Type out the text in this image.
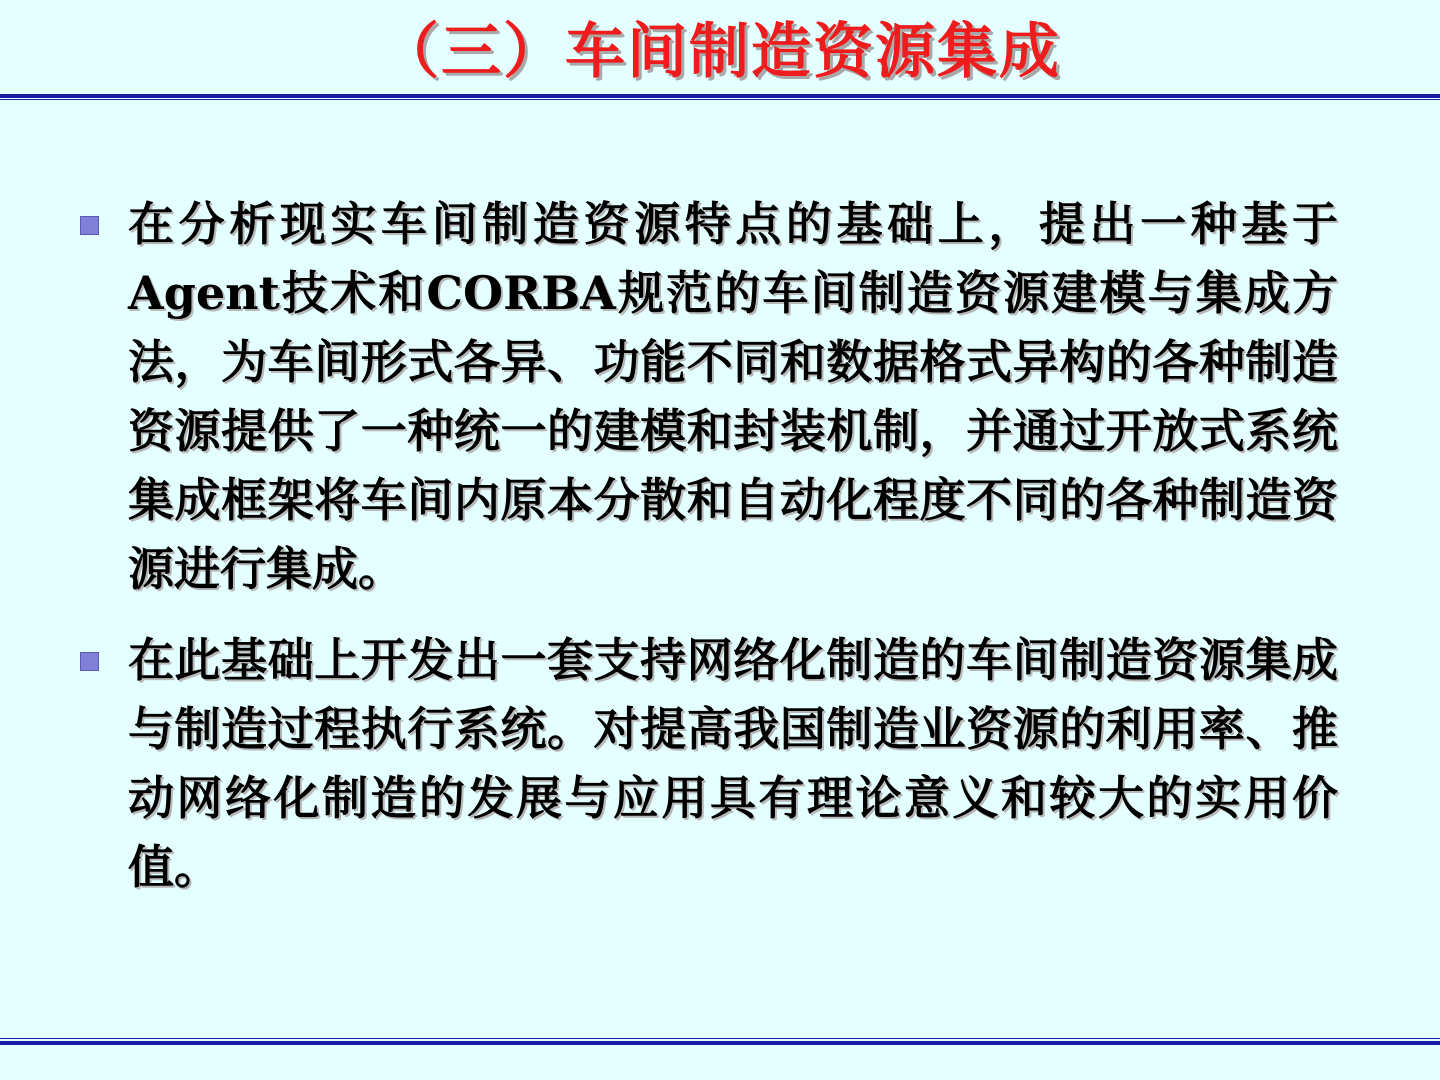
（三）车间制造资源集成

在分析现实车间制造资源特点的基础上，提出一种基于Agent技术和CORBA规范的车间制造资源建模与集成方法，为车间形式各异、功能不同和数据格式异构的各种制造资源提供了一种统一的建模和封装机制，并通过开放式系统集成框架将车间内原本分散和自动化程度不同的各种制造资源进行集成。

在此基础上开发出一套支持网络化制造的车间制造资源集成与制造过程执行系统。对提高我国制造业资源的利用率、推动网络化制造的发展与应用具有理论意义和较大的实用价值。
